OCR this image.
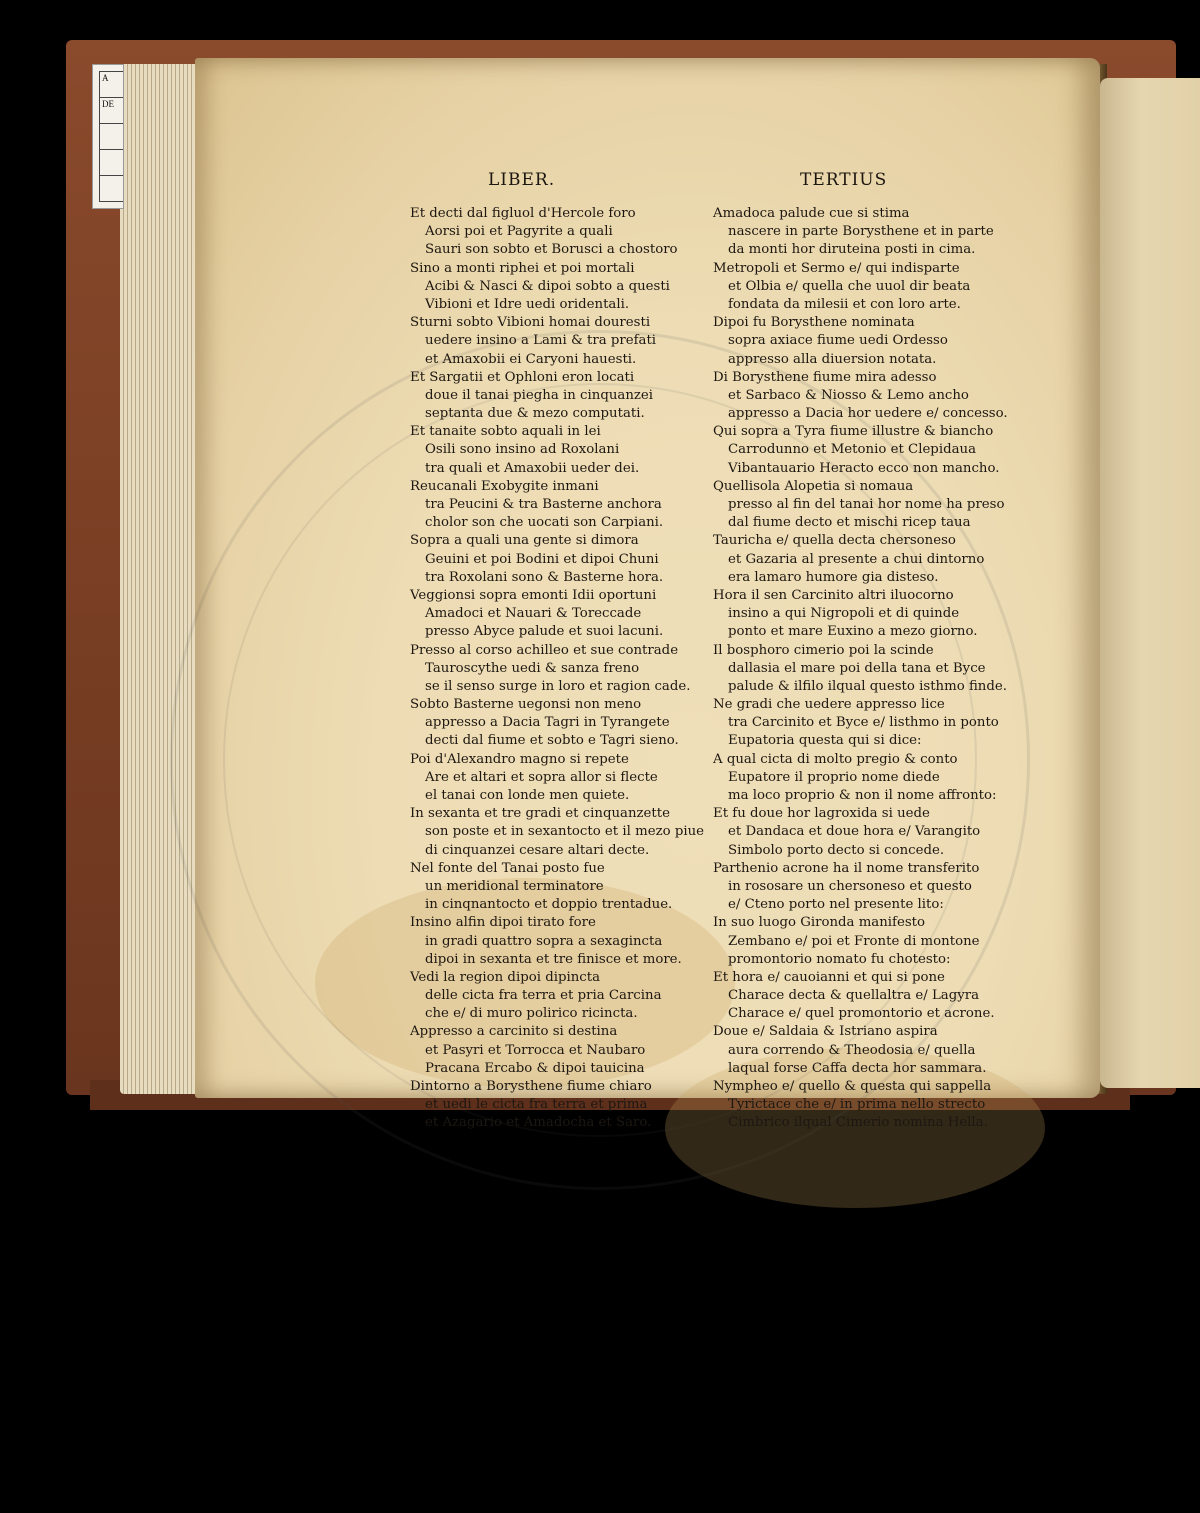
A
DE
LIBER.	TERTIUS
Et decti dal figluol d'Hercole foro
Aorsi poi et Pagyrite a quali
Sauri son sobto et Borusci a chostoro
Sino a monti riphei et poi mortali
Acibi & Nasci & dipoi sobto a questi
Vibioni et Idre uedi oridentali.
Sturni sobto Vibioni homai douresti
uedere insino a Lami & tra prefati
et Amaxobii ei Caryoni hauesti.
Et Sargatii et Ophloni eron locati
doue il tanai piegha in cinquanzei
septanta due & mezo computati.
Et tanaite sobto aquali in lei
Osili sono insino ad Roxolani
tra quali et Amaxobii ueder dei.
Reucanali Exobygite inmani
tra Peucini & tra Basterne anchora
cholor son che uocati son Carpiani.
Sopra a quali una gente si dimora
Geuini et poi Bodini et dipoi Chuni
tra Roxolani sono & Basterne hora.
Veggionsi sopra emonti Idii oportuni
Amadoci et Nauari & Toreccade
presso Abyce palude et suoi lacuni.
Presso al corso achilleo et sue contrade
Tauroscythe uedi & sanza freno
se il senso surge in loro et ragion cade.
Sobto Basterne uegonsi non meno
appresso a Dacia Tagri in Tyrangete
decti dal fiume et sobto e Tagri sieno.
Poi d'Alexandro magno si repete
Are et altari et sopra allor si flecte
el tanai con londe men quiete.
In sexanta et tre gradi et cinquanzette
son poste et in sexantocto et il mezo piue
di cinquanzei cesare altari decte.
Nel fonte del Tanai posto fue
un meridional terminatore
in cinqnantocto et doppio trentadue.
Insino alfin dipoi tirato fore
in gradi quattro sopra a sexagincta
dipoi in sexanta et tre finisce et more.
Vedi la region dipoi dipincta
delle cicta fra terra et pria Carcina
che e/ di muro polirico ricincta.
Appresso a carcinito si destina
et Pasyri et Torrocca et Naubaro
Pracana Ercabo & dipoi tauicina
Dintorno a Borysthene fiume chiaro
et uedi le cicta fra terra et prima
et Azagario et Amadocha et Saro.
Amadoca palude cue si stima
nascere in parte Borysthene et in parte
da monti hor diruteina posti in cima.
Metropoli et Sermo e/ qui indisparte
et Olbia e/ quella che uuol dir beata
fondata da milesii et con loro arte.
Dipoi fu Borysthene nominata
sopra axiace fiume uedi Ordesso
appresso alla diuersion notata.
Di Borysthene fiume mira adesso
et Sarbaco & Niosso & Lemo ancho
appresso a Dacia hor uedere e/ concesso.
Qui sopra a Tyra fiume illustre & biancho
Carrodunno et Metonio et Clepidaua
Vibantauario Heracto ecco non mancho.
Quellisola Alopetia si nomaua
presso al fin del tanai hor nome ha preso
dal fiume decto et mischi ricep taua
Tauricha e/ quella decta chersoneso
et Gazaria al presente a chui dintorno
era lamaro humore gia disteso.
Hora il sen Carcinito altri iluocorno
insino a qui Nigropoli et di quinde
ponto et mare Euxino a mezo giorno.
Il bosphoro cimerio poi la scinde
dallasia el mare poi della tana et Byce
palude & ilfilo ilqual questo isthmo finde.
Ne gradi che uedere appresso lice
tra Carcinito et Byce e/ listhmo in ponto
Eupatoria questa qui si dice:
A qual cicta di molto pregio & conto
Eupatore il proprio nome diede
ma loco proprio & non il nome affronto:
Et fu doue hor lagroxida si uede
et Dandaca et doue hora e/ Varangito
Simbolo porto decto si concede.
Parthenio acrone ha il nome transferito
in rososare un chersoneso et questo
e/ Cteno porto nel presente lito:
In suo luogo Gironda manifesto
Zembano e/ poi et Fronte di montone
promontorio nomato fu chotesto:
Et hora e/ cauoianni et qui si pone
Charace decta & quellaltra e/ Lagyra
Charace e/ quel promontorio et acrone.
Doue e/ Saldaia & Istriano aspira
aura correndo & Theodosia e/ quella
laqual forse Caffa decta hor sammara.
Nympheo e/ quello & questa qui sappella
Tyrictace che e/ in prima nello strecto
Cimbrico ilqual Cimerio nomina Hella.
